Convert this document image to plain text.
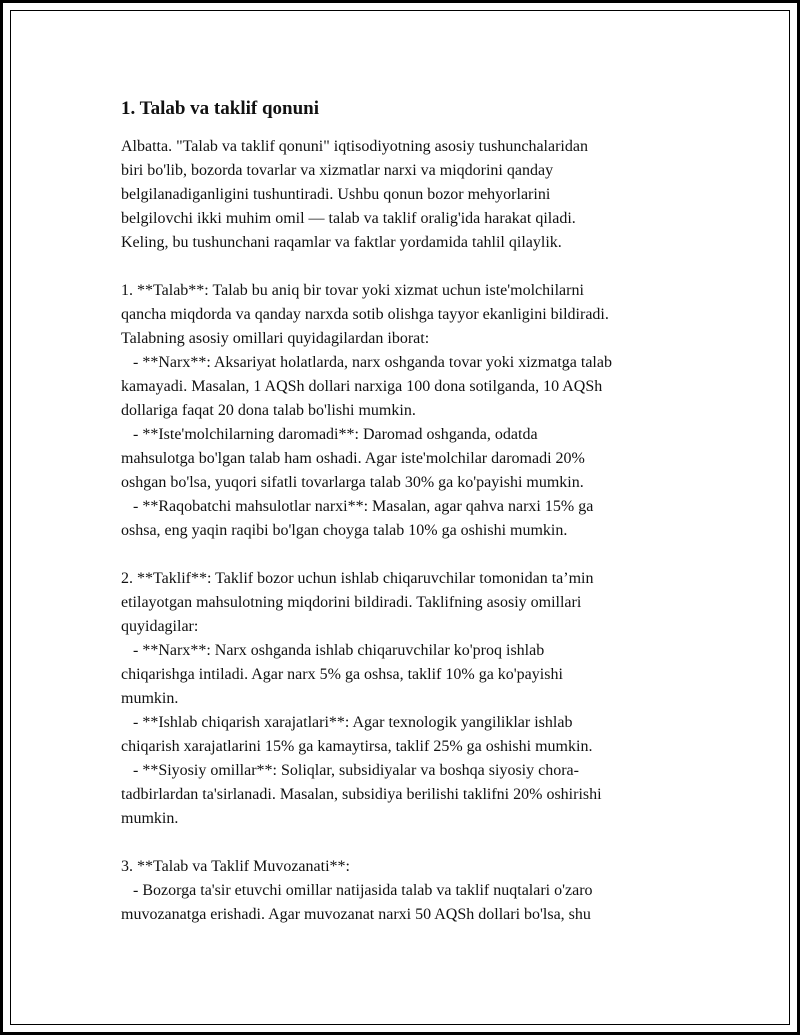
1. Talab va taklif qonuni
Albatta. "Talab va taklif qonuni" iqtisodiyotning asosiy tushunchalaridan
biri bo'lib, bozorda tovarlar va xizmatlar narxi va miqdorini qanday
belgilanadiganligini tushuntiradi. Ushbu qonun bozor mehyorlarini
belgilovchi ikki muhim omil — talab va taklif oralig'ida harakat qiladi.
Keling, bu tushunchani raqamlar va faktlar yordamida tahlil qilaylik.
1. **Talab**: Talab bu aniq bir tovar yoki xizmat uchun iste'molchilarni
qancha miqdorda va qanday narxda sotib olishga tayyor ekanligini bildiradi.
Talabning asosiy omillari quyidagilardan iborat:
- **Narx**: Aksariyat holatlarda, narx oshganda tovar yoki xizmatga talab
kamayadi. Masalan, 1 AQSh dollari narxiga 100 dona sotilganda, 10 AQSh
dollariga faqat 20 dona talab bo'lishi mumkin.
- **Iste'molchilarning daromadi**: Daromad oshganda, odatda
mahsulotga bo'lgan talab ham oshadi. Agar iste'molchilar daromadi 20%
oshgan bo'lsa, yuqori sifatli tovarlarga talab 30% ga ko'payishi mumkin.
- **Raqobatchi mahsulotlar narxi**: Masalan, agar qahva narxi 15% ga
oshsa, eng yaqin raqibi bo'lgan choyga talab 10% ga oshishi mumkin.
2. **Taklif**: Taklif bozor uchun ishlab chiqaruvchilar tomonidan ta’min
etilayotgan mahsulotning miqdorini bildiradi. Taklifning asosiy omillari
quyidagilar:
- **Narx**: Narx oshganda ishlab chiqaruvchilar ko'proq ishlab
chiqarishga intiladi. Agar narx 5% ga oshsa, taklif 10% ga ko'payishi
mumkin.
- **Ishlab chiqarish xarajatlari**: Agar texnologik yangiliklar ishlab
chiqarish xarajatlarini 15% ga kamaytirsa, taklif 25% ga oshishi mumkin.
- **Siyosiy omillar**: Soliqlar, subsidiyalar va boshqa siyosiy chora-
tadbirlardan ta'sirlanadi. Masalan, subsidiya berilishi taklifni 20% oshirishi
mumkin.
3. **Talab va Taklif Muvozanati**:
- Bozorga ta'sir etuvchi omillar natijasida talab va taklif nuqtalari o'zaro
muvozanatga erishadi. Agar muvozanat narxi 50 AQSh dollari bo'lsa, shu
